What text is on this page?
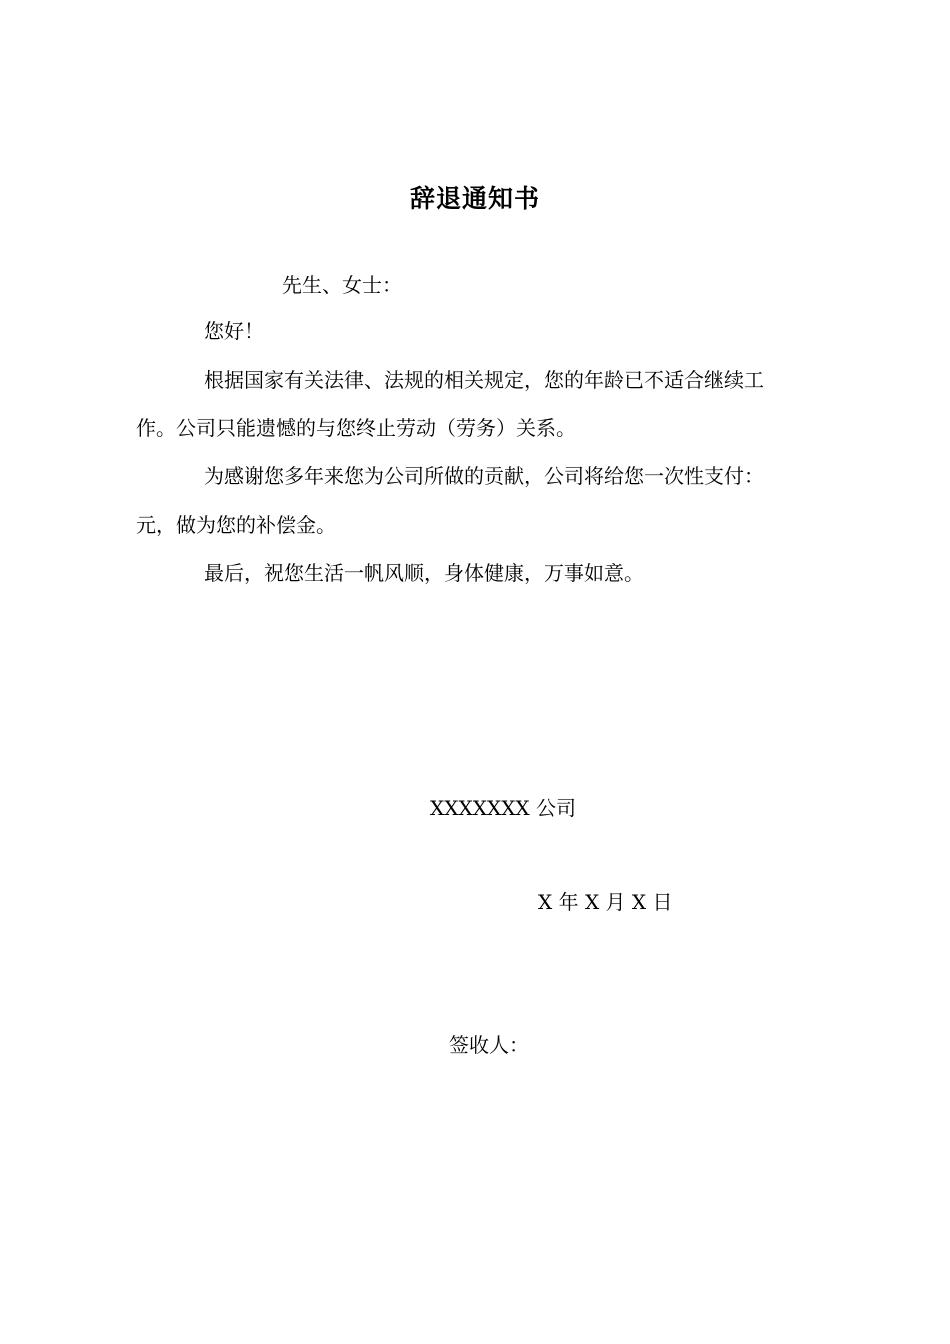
辞退通知书
先生、女士：
您好！
根据国家有关法律、法规的相关规定，您的年龄已不适合继续工
作。公司只能遗憾的与您终止劳动（劳务）关系。
为感谢您多年来您为公司所做的贡献，公司将给您一次性支付：
元，做为您的补偿金。
最后，祝您生活一帆风顺，身体健康，万事如意。
XXXXXXX 公司
X 年 X 月 X 日
签收人：
